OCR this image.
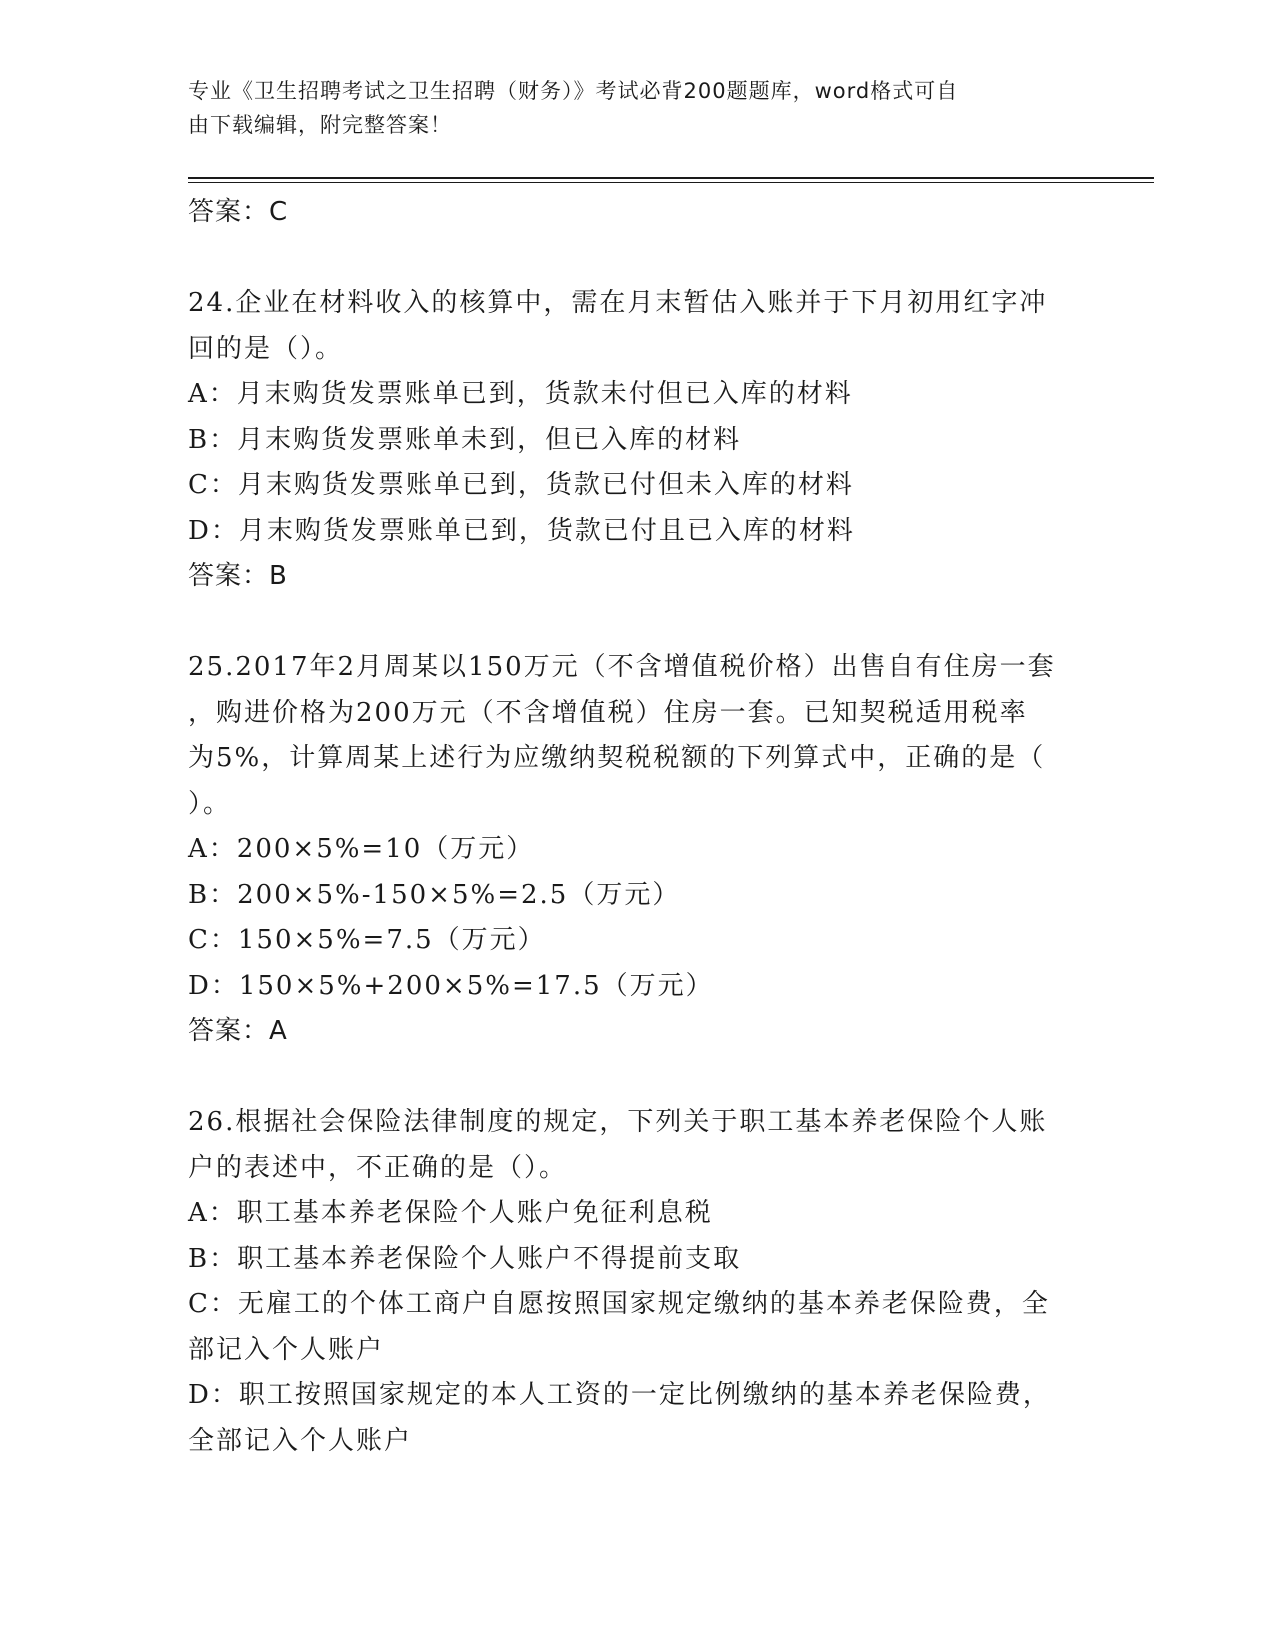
专业《卫生招聘考试之卫生招聘（财务）》考试必背200题题库，word格式可自
由下载编辑，附完整答案！
答案：C
24.企业在材料收入的核算中，需在月末暂估入账并于下月初用红字冲
回的是（）。
A：月末购货发票账单已到，货款未付但已入库的材料
B：月末购货发票账单未到，但已入库的材料
C：月末购货发票账单已到，货款已付但未入库的材料
D：月末购货发票账单已到，货款已付且已入库的材料
答案：B
25.2017年2月周某以150万元（不含增值税价格）出售自有住房一套
，购进价格为200万元（不含增值税）住房一套。已知契税适用税率
为5%，计算周某上述行为应缴纳契税税额的下列算式中，正确的是（
）。
A：200×5%=10（万元）
B：200×5%-150×5%=2.5（万元）
C：150×5%=7.5（万元）
D：150×5%+200×5%=17.5（万元）
答案：A
26.根据社会保险法律制度的规定，下列关于职工基本养老保险个人账
户的表述中，不正确的是（）。
A：职工基本养老保险个人账户免征利息税
B：职工基本养老保险个人账户不得提前支取
C：无雇工的个体工商户自愿按照国家规定缴纳的基本养老保险费，全
部记入个人账户
D：职工按照国家规定的本人工资的一定比例缴纳的基本养老保险费，
全部记入个人账户
